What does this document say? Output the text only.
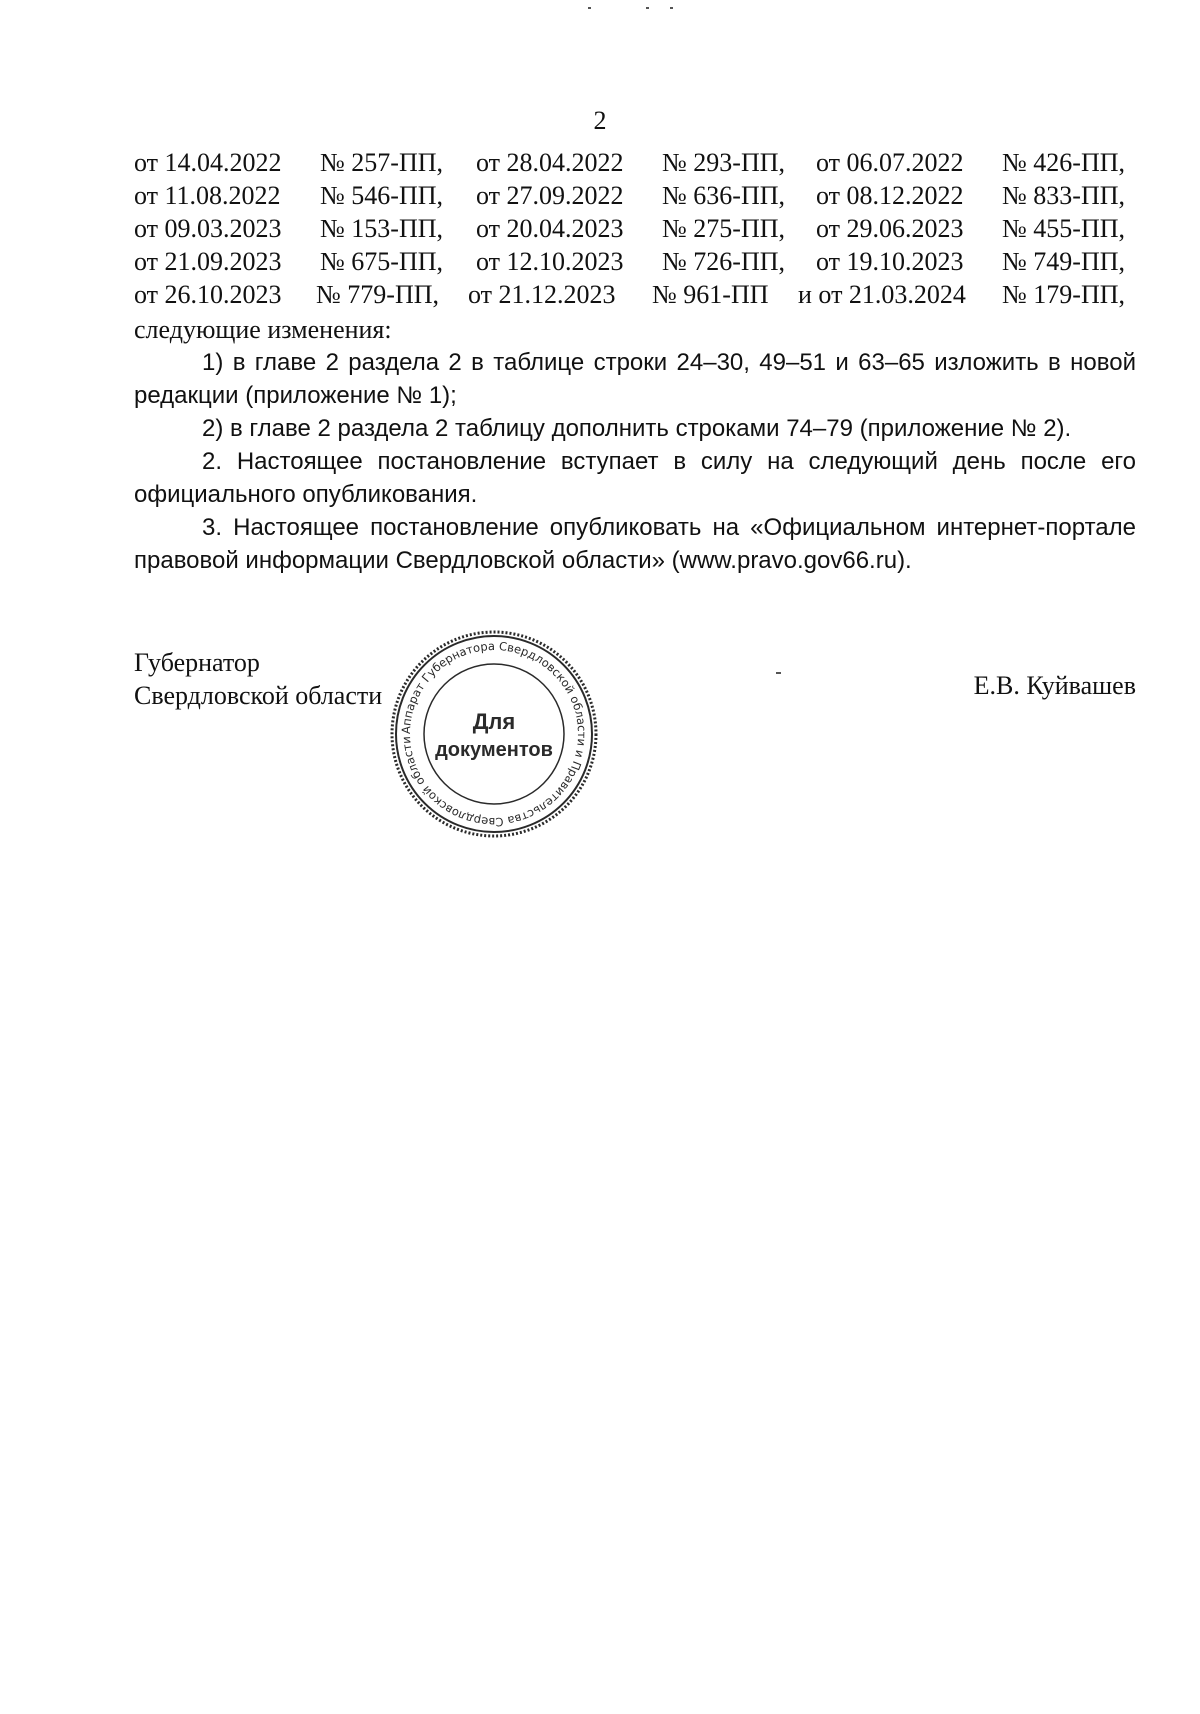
2
от 14.04.2022 № 257-ПП, от 28.04.2022 № 293-ПП, от 06.07.2022 № 426-ПП,
от 11.08.2022 № 546-ПП, от 27.09.2022 № 636-ПП, от 08.12.2022 № 833-ПП,
от 09.03.2023 № 153-ПП, от 20.04.2023 № 275-ПП, от 29.06.2023 № 455-ПП,
от 21.09.2023 № 675-ПП, от 12.10.2023 № 726-ПП, от 19.10.2023 № 749-ПП,
от 26.10.2023 № 779-ПП, от 21.12.2023 № 961-ПП и от 21.03.2024 № 179-ПП,

следующие изменения:

1) в главе 2 раздела 2 в таблице строки 24–30, 49–51 и 63–65 изложить в новой редакции (приложение № 1);

2) в главе 2 раздела 2 таблицу дополнить строками 74–79 (приложение № 2).

2. Настоящее постановление вступает в силу на следующий день после его официального опубликования.

3. Настоящее постановление опубликовать на «Официальном интернет-портале правовой информации Свердловской области» (www.pravo.gov66.ru).

Губернатор
Свердловской области	Е.В. Куйвашев
Аппарат Губернатора Свердловской области и Правительства Свердловской области
Для
документов
